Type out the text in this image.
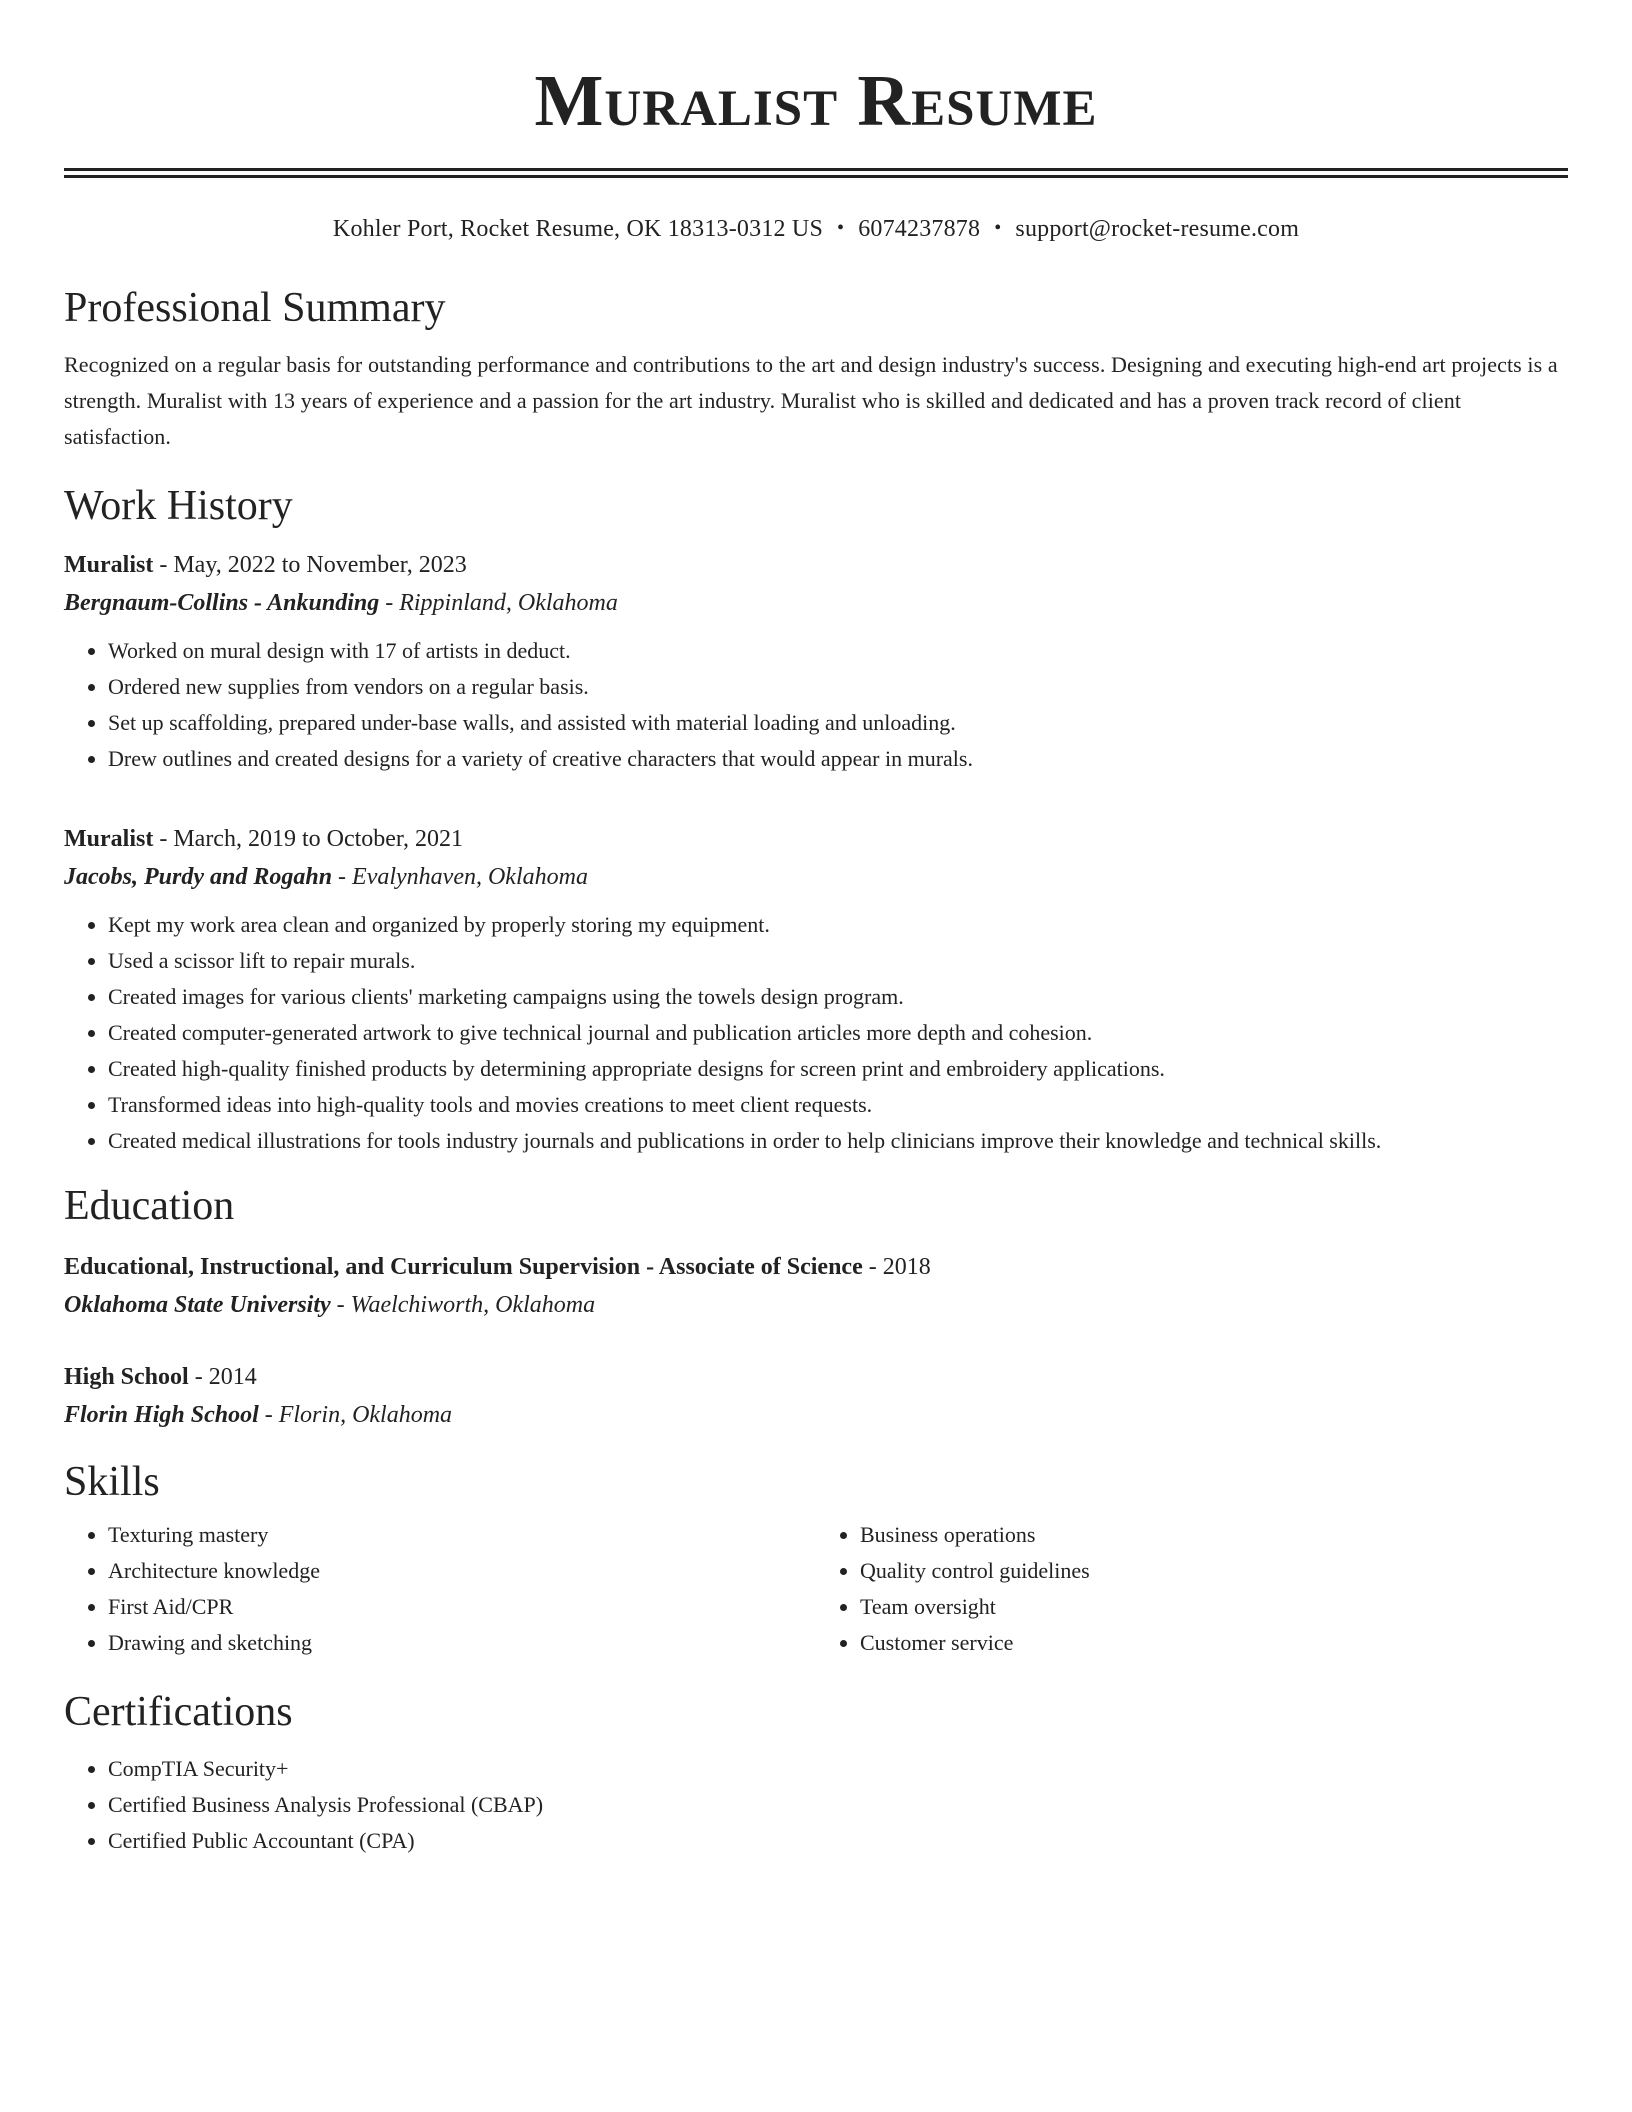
Muralist Resume
Kohler Port, Rocket Resume, OK 18313-0312 US • 6074237878 • support@rocket-resume.com
Professional Summary

Recognized on a regular basis for outstanding performance and contributions to the art and design industry's success. Designing and executing high-end art projects is a strength. Muralist with 13 years of experience and a passion for the art industry. Muralist who is skilled and dedicated and has a proven track record of client satisfaction.

Work History
Muralist - May, 2022 to November, 2023
Bergnaum-Collins - Ankunding - Rippinland, Oklahoma
• Worked on mural design with 17 of artists in deduct.
• Ordered new supplies from vendors on a regular basis.
• Set up scaffolding, prepared under-base walls, and assisted with material loading and unloading.
• Drew outlines and created designs for a variety of creative characters that would appear in murals.
Muralist - March, 2019 to October, 2021
Jacobs, Purdy and Rogahn - Evalynhaven, Oklahoma
• Kept my work area clean and organized by properly storing my equipment.
• Used a scissor lift to repair murals.
• Created images for various clients' marketing campaigns using the towels design program.
• Created computer-generated artwork to give technical journal and publication articles more depth and cohesion.
• Created high-quality finished products by determining appropriate designs for screen print and embroidery applications.
• Transformed ideas into high-quality tools and movies creations to meet client requests.
• Created medical illustrations for tools industry journals and publications in order to help clinicians improve their knowledge and technical skills.
Education
Educational, Instructional, and Curriculum Supervision - Associate of Science - 2018
Oklahoma State University - Waelchiworth, Oklahoma
High School - 2014
Florin High School - Florin, Oklahoma
Skills
• Texturing mastery
• Architecture knowledge
• First Aid/CPR
• Drawing and sketching
• Business operations
• Quality control guidelines
• Team oversight
• Customer service
Certifications
• CompTIA Security+
• Certified Business Analysis Professional (CBAP)
• Certified Public Accountant (CPA)
